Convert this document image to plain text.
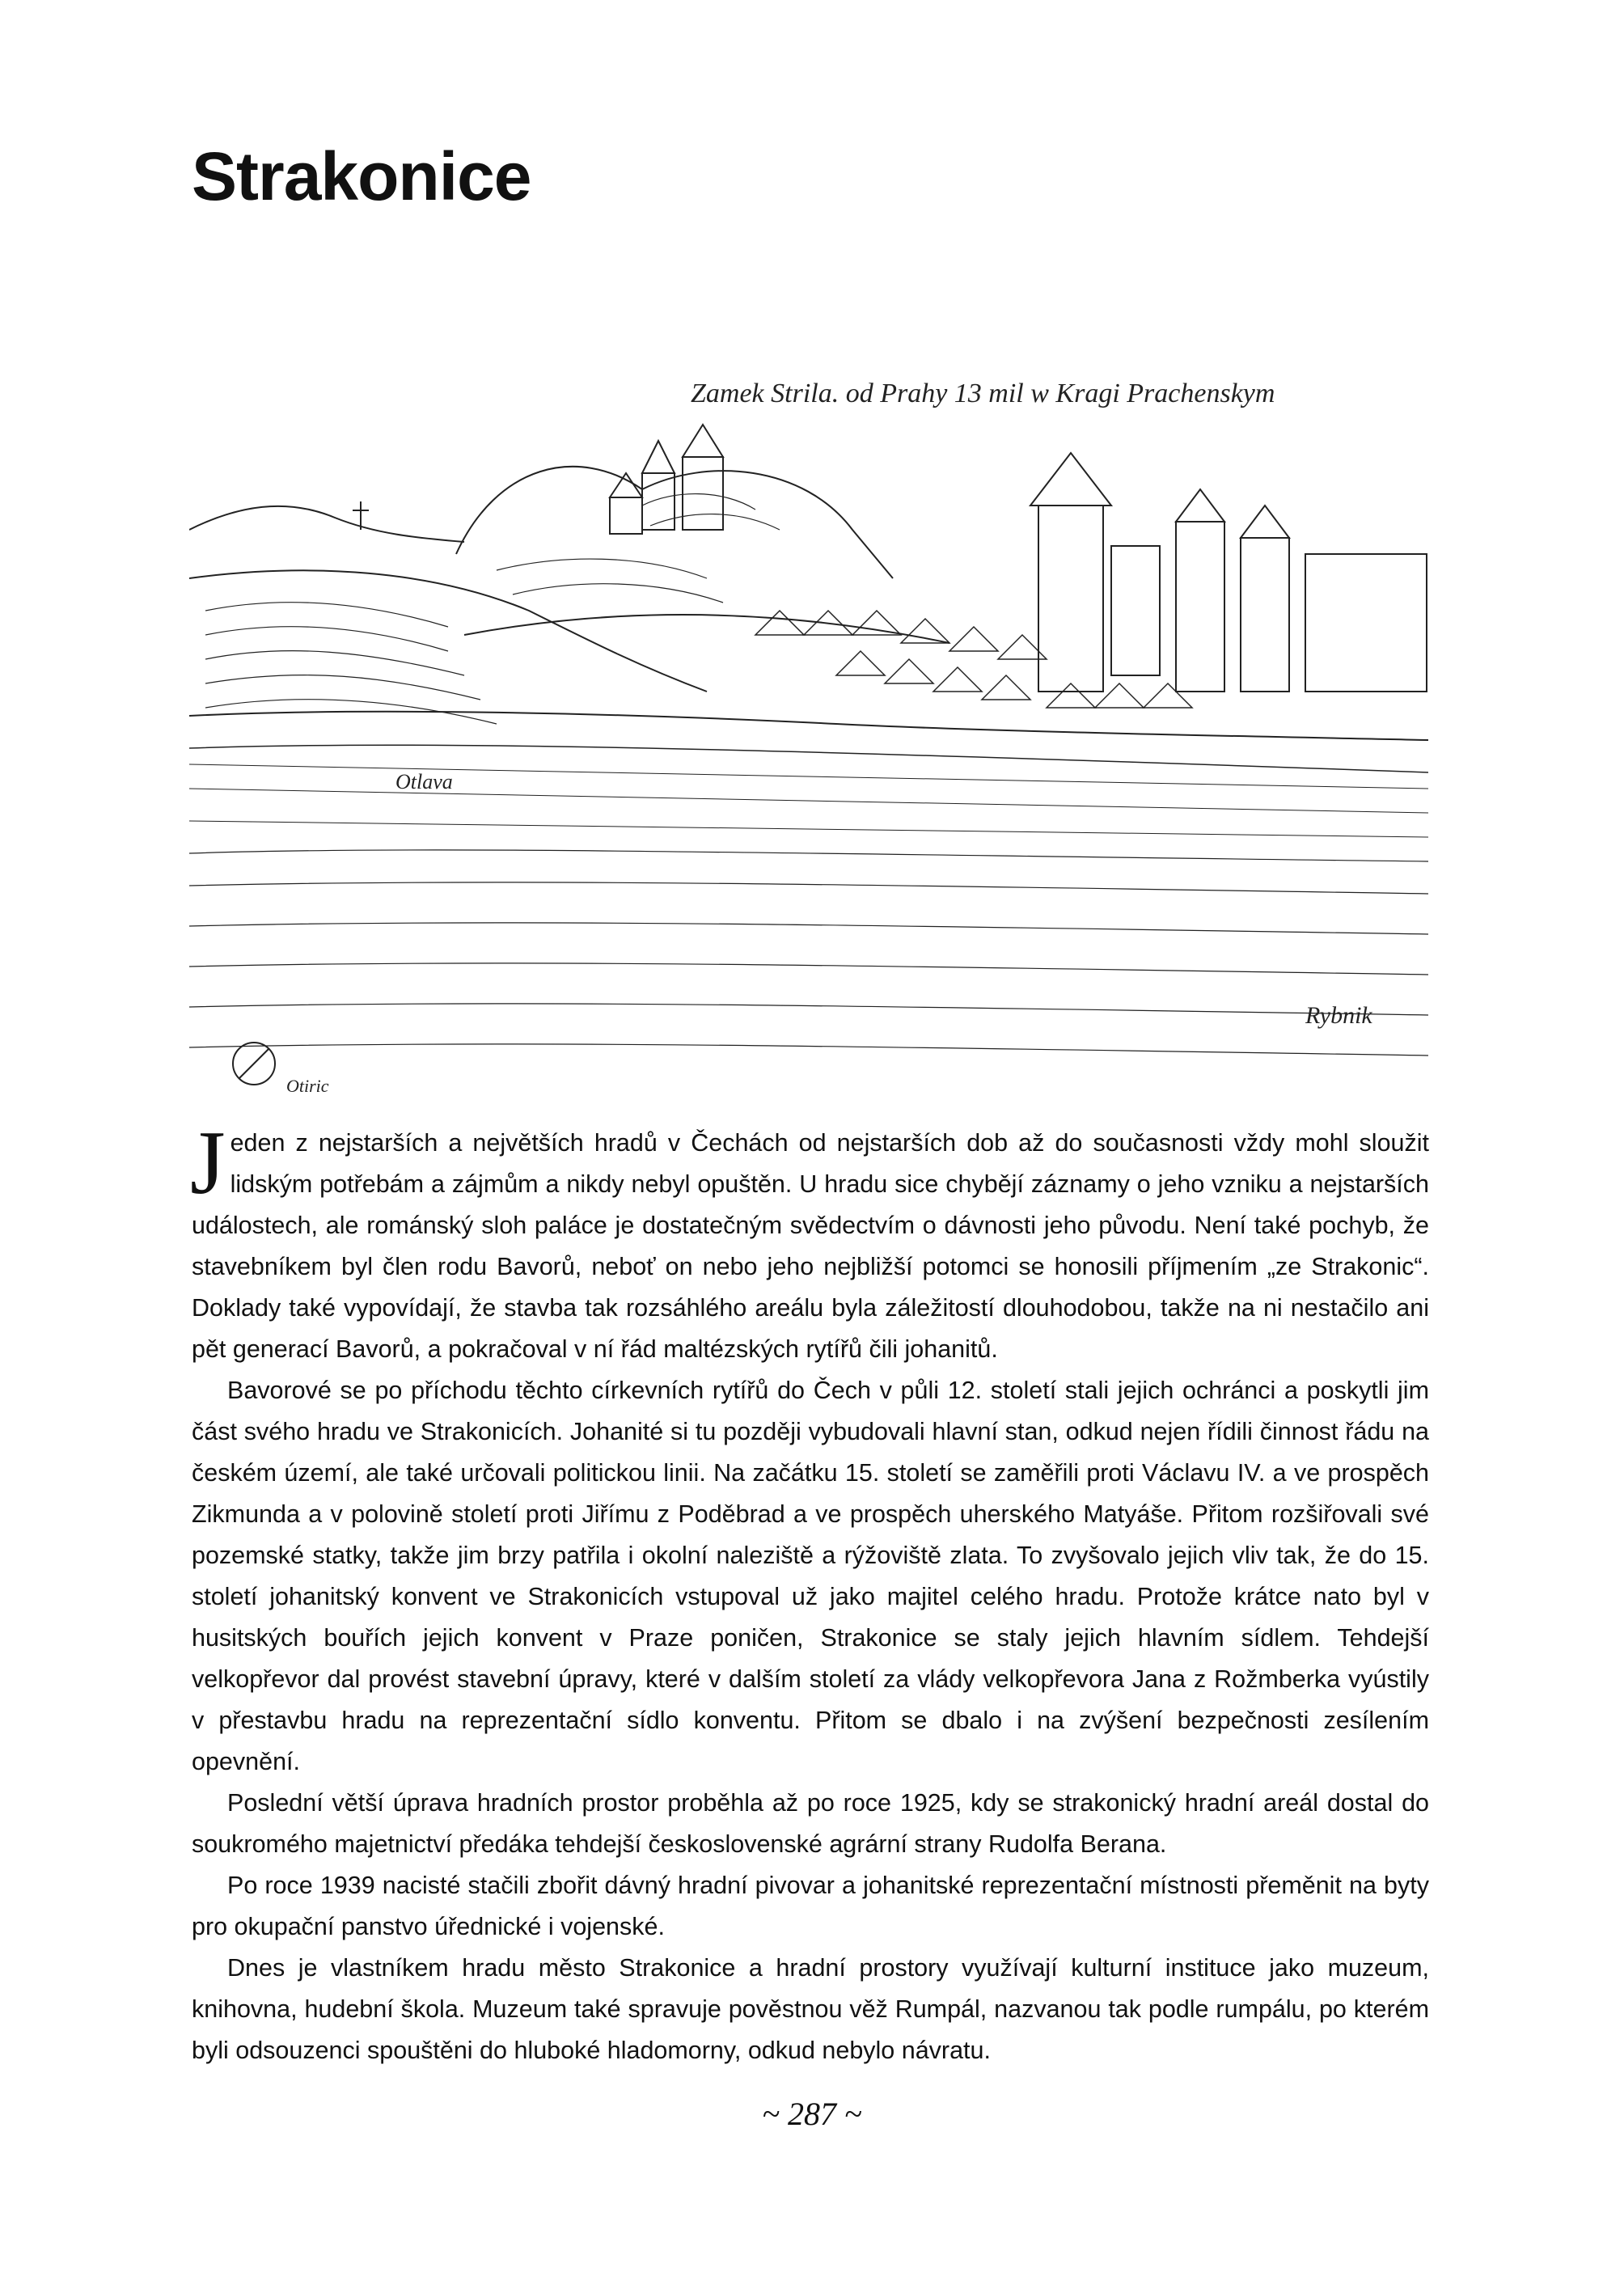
Strakonice
Zamek Strila. od Prahy 13 mil w Kragi Prachenskym
Otlava
Otiric
Rybnik

Jeden z nejstarších a největších hradů v Čechách od nejstarších dob až do současnosti vždy mohl sloužit lidským potřebám a zájmům a nikdy nebyl opuštěn. U hradu sice chybějí záznamy o jeho vzniku a nejstarších událostech, ale románský sloh paláce je dostatečným svědectvím o dávnosti jeho původu. Není také pochyb, že stavebníkem byl člen rodu Bavorů, neboť on nebo jeho nejbližší potomci se honosili příjmením „ze Strakonic“. Doklady také vypovídají, že stavba tak rozsáhlého areálu byla záležitostí dlouhodobou, takže na ni nestačilo ani pět generací Bavorů, a pokračoval v ní řád maltézských rytířů čili johanitů.

Bavorové se po příchodu těchto církevních rytířů do Čech v půli 12. století stali jejich ochránci a poskytli jim část svého hradu ve Strakonicích. Johanité si tu později vybudovali hlavní stan, odkud nejen řídili činnost řádu na českém území, ale také určovali politickou linii. Na začátku 15. století se zaměřili proti Václavu IV. a ve prospěch Zikmunda a v polovině století proti Jiřímu z Poděbrad a ve prospěch uherského Matyáše. Přitom rozšiřovali své pozemské statky, takže jim brzy patřila i okolní naleziště a rýžoviště zlata. To zvyšovalo jejich vliv tak, že do 15. století johanitský konvent ve Strakonicích vstupoval už jako majitel celého hradu. Protože krátce nato byl v husitských bouřích jejich konvent v Praze poničen, Strakonice se staly jejich hlavním sídlem. Tehdejší velkopřevor dal provést stavební úpravy, které v dalším století za vlády velkopřevora Jana z Rožmberka vyústily v přestavbu hradu na reprezentační sídlo konventu. Přitom se dbalo i na zvýšení bezpečnosti zesílením opevnění.

Poslední větší úprava hradních prostor proběhla až po roce 1925, kdy se strakonický hradní areál dostal do soukromého majetnictví předáka tehdejší československé agrární strany Rudolfa Berana.

Po roce 1939 nacisté stačili zbořit dávný hradní pivovar a johanitské reprezentační místnosti přeměnit na byty pro okupační panstvo úřednické i vojenské.

Dnes je vlastníkem hradu město Strakonice a hradní prostory využívají kulturní instituce jako muzeum, knihovna, hudební škola. Muzeum také spravuje pověstnou věž Rumpál, nazvanou tak podle rumpálu, po kterém byli odsouzenci spouštěni do hluboké hladomorny, odkud nebylo návratu.

~ 287 ~
